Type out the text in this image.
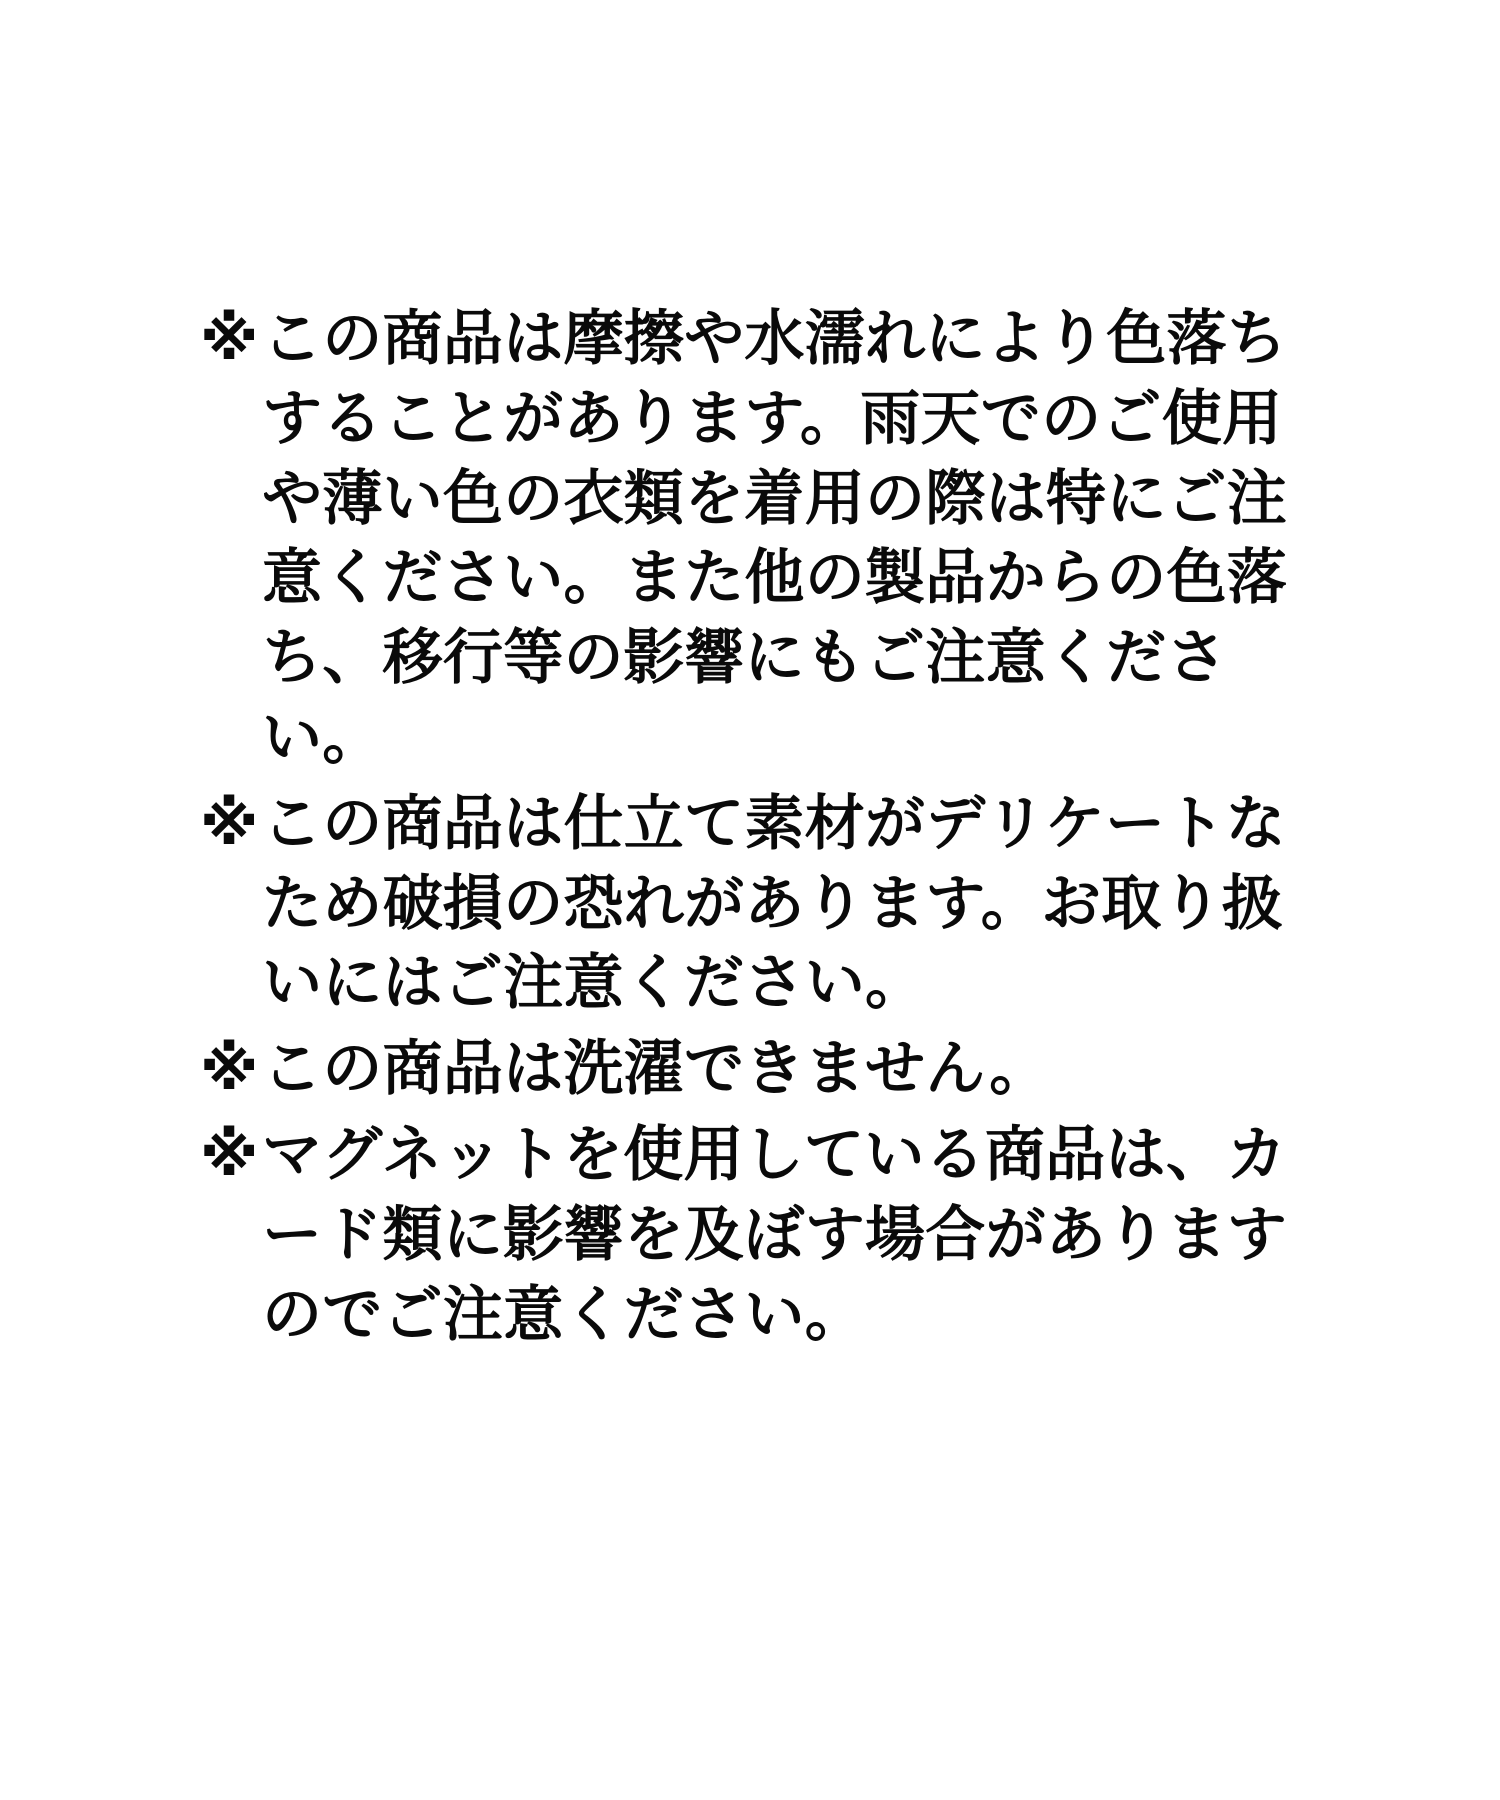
※この商品は摩擦や水濡れにより色落ちすることがあります。雨天でのご使用や薄い色の衣類を着用の際は特にご注意ください。また他の製品からの色落ち、移行等の影響にもご注意ください。

※この商品は仕立て素材がデリケートなため破損の恐れがあります。お取り扱いにはご注意ください。

※この商品は洗濯できません。

※マグネットを使用している商品は、カード類に影響を及ぼす場合がありますのでご注意ください。
